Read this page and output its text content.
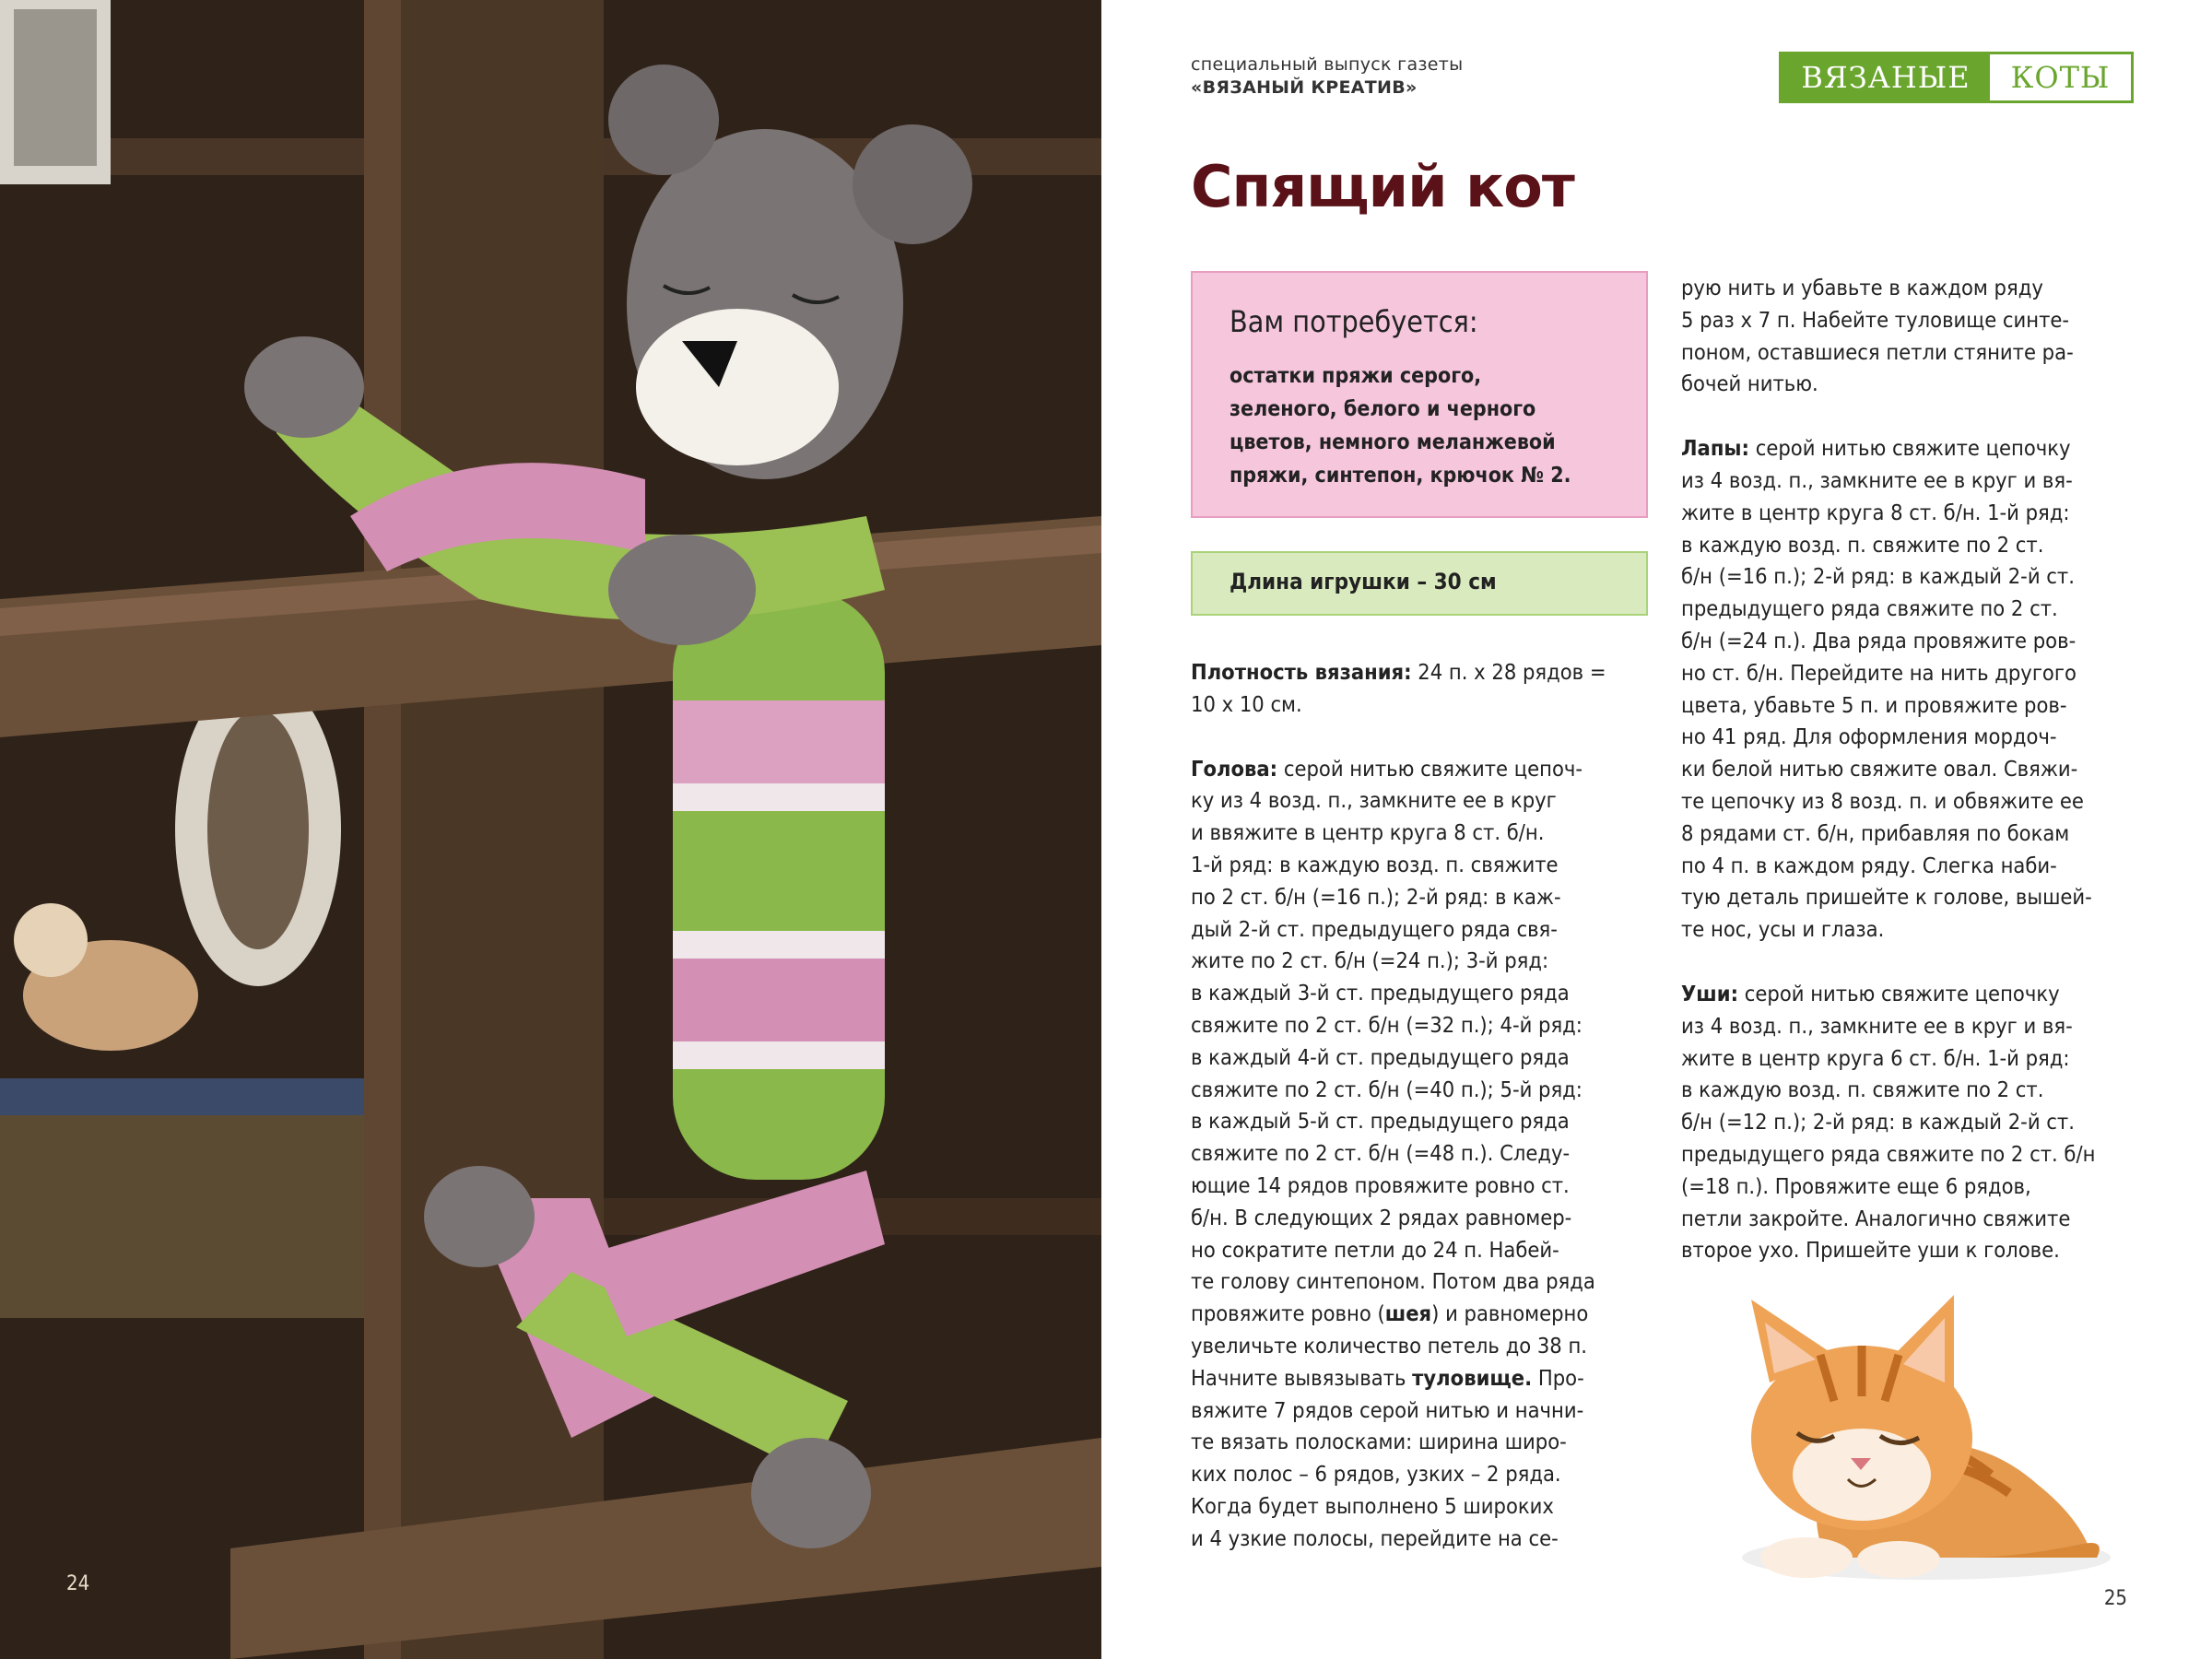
24
специальный выпуск газеты
«ВЯЗАНЫЙ КРЕАТИВ»	ВЯЗАНЫЕ	КОТЫ
Спящий кот
Вам потребуется:
остатки пряжи серого,
зеленого, белого и черного
цветов, немного меланжевой
пряжи, синтепон, крючок № 2.
Длина игрушки – 30 см

Плотность вязания: 24 п. х 28 рядов =

10 х 10 см.

Голова: серой нитью свяжите цепоч-

ку из 4 возд. п., замкните ее в круг

и ввяжите в центр круга 8 ст. б/н.

1-й ряд: в каждую возд. п. свяжите

по 2 ст. б/н (=16 п.); 2-й ряд: в каж-

дый 2-й ст. предыдущего ряда свя-

жите по 2 ст. б/н (=24 п.); 3-й ряд:

в каждый 3-й ст. предыдущего ряда

свяжите по 2 ст. б/н (=32 п.); 4-й ряд:

в каждый 4-й ст. предыдущего ряда

свяжите по 2 ст. б/н (=40 п.); 5-й ряд:

в каждый 5-й ст. предыдущего ряда

свяжите по 2 ст. б/н (=48 п.). Следу-

ющие 14 рядов провяжите ровно ст.

б/н. В следующих 2 рядах равномер-

но сократите петли до 24 п. Набей-

те голову синтепоном. Потом два ряда

провяжите ровно (шея) и равномерно

увеличьте количество петель до 38 п.

Начните вывязывать туловище. Про-

вяжите 7 рядов серой нитью и начни-

те вязать полосками: ширина широ-

ких полос – 6 рядов, узких – 2 ряда.

Когда будет выполнено 5 широких

и 4 узкие полосы, перейдите на се-

рую нить и убавьте в каждом ряду

5 раз х 7 п. Набейте туловище синте-

поном, оставшиеся петли стяните ра-

бочей нитью.

Лапы: серой нитью свяжите цепочку

из 4 возд. п., замкните ее в круг и вя-

жите в центр круга 8 ст. б/н. 1-й ряд:

в каждую возд. п. свяжите по 2 ст.

б/н (=16 п.); 2-й ряд: в каждый 2-й ст.

предыдущего ряда свяжите по 2 ст.

б/н (=24 п.). Два ряда провяжите ров-

но ст. б/н. Перейдите на нить другого

цвета, убавьте 5 п. и провяжите ров-

но 41 ряд. Для оформления мордоч-

ки белой нитью свяжите овал. Свяжи-

те цепочку из 8 возд. п. и обвяжите ее

8 рядами ст. б/н, прибавляя по бокам

по 4 п. в каждом ряду. Слегка наби-

тую деталь пришейте к голове, вышей-

те нос, усы и глаза.

Уши: серой нитью свяжите цепочку

из 4 возд. п., замкните ее в круг и вя-

жите в центр круга 6 ст. б/н. 1-й ряд:

в каждую возд. п. свяжите по 2 ст.

б/н (=12 п.); 2-й ряд: в каждый 2-й ст.

предыдущего ряда свяжите по 2 ст. б/н

(=18 п.). Провяжите еще 6 рядов,

петли закройте. Аналогично свяжите

второе ухо. Пришейте уши к голове.

25
